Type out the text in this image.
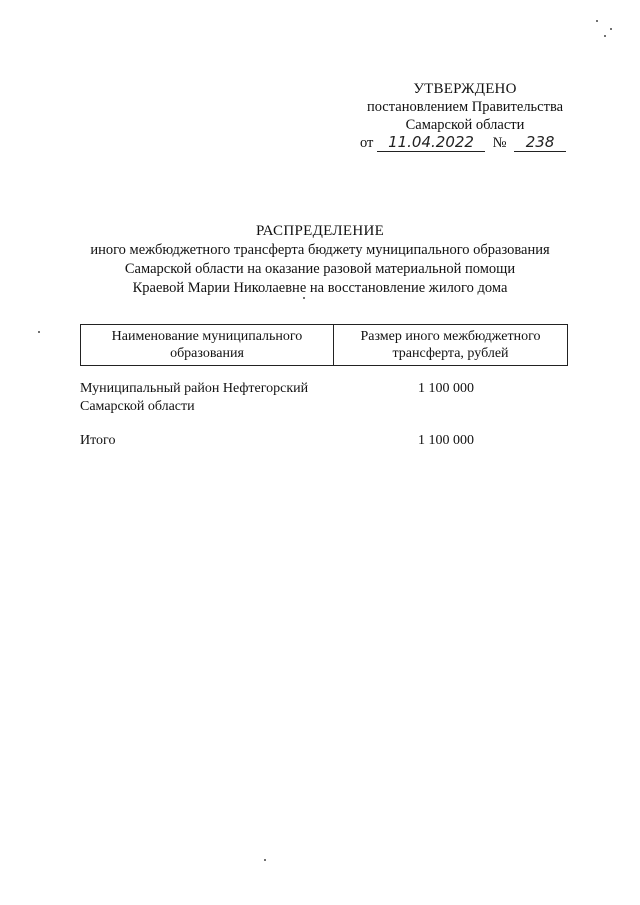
УТВЕРЖДЕНО
постановлением Правительства
Самарской области
от 11.04.2022 № 238
РАСПРЕДЕЛЕНИЕ
иного межбюджетного трансферта бюджету муниципального образования
Самарской области на оказание разовой материальной помощи
Краевой Марии Николаевне на восстановление жилого дома
Наименование муниципального образования
Размер иного межбюджетного трансферта, рублей
Муниципальный район Нефтегорский Самарской области
1 100 000
Итого	1 100 000
